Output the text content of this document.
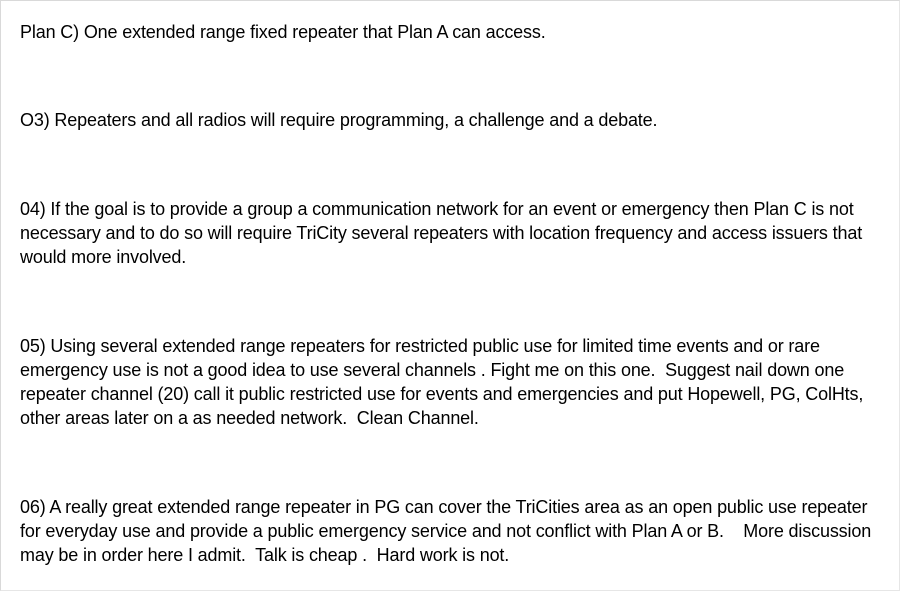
Plan C) One extended range fixed repeater that Plan A can access.

O3) Repeaters and all radios will require programming, a challenge and a debate.

04) If the goal is to provide a group a communication network for an event or emergency then Plan C is not necessary and to do so will require TriCity several repeaters with location frequency and access issuers that would more involved.

05) Using several extended range repeaters for restricted public use for limited time events and or rare emergency use is not a good idea to use several channels . Fight me on this one.  Suggest nail down one repeater channel (20) call it public restricted use for events and emergencies and put Hopewell, PG, ColHts, other areas later on a as needed network.  Clean Channel.

06) A really great extended range repeater in PG can cover the TriCities area as an open public use repeater for everyday use and provide a public emergency service and not conflict with Plan A or B.    More discussion may be in order here I admit.  Talk is cheap .  Hard work is not.
